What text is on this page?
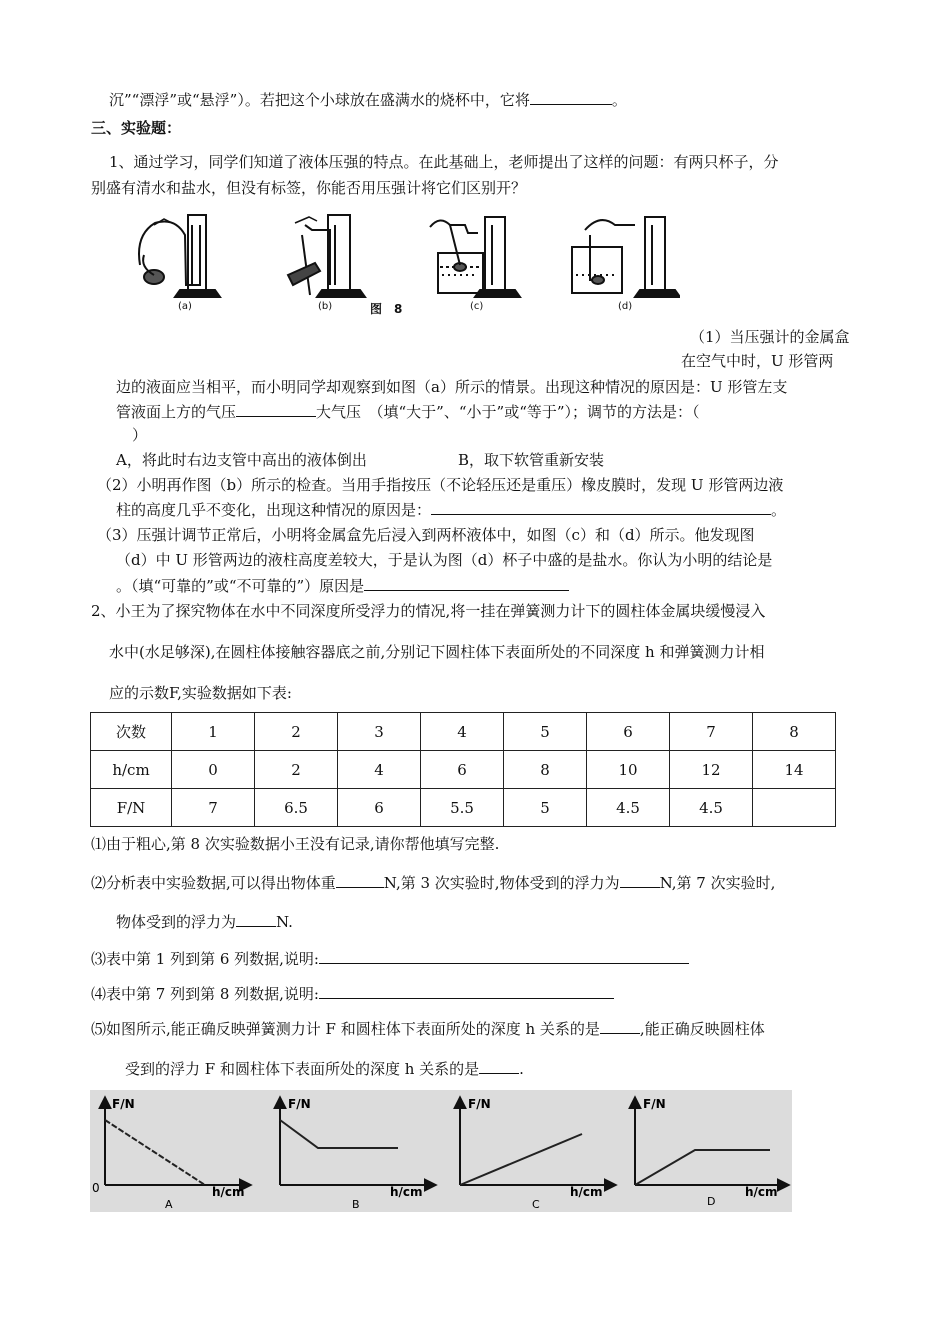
沉”“漂浮”或“悬浮”）。若把这个小球放在盛满水的烧杯中，它将	。
三、实验题：
1、通过学习，同学们知道了液体压强的特点。在此基础上，老师提出了这样的问题：有两只杯子，分
别盛有清水和盐水，但没有标签，你能否用压强计将它们区别开？
(a)	(b)	(c)	(d)
图　8
（1）当压强计的金属盒
在空气中时，U 形管两
边的液面应当相平，而小明同学却观察到如图（a）所示的情景。出现这种情况的原因是：U 形管左支
管液面上方的气压	大气压　（填“大于”、“小于”或“等于”）；调节的方法是：（
）
A，将此时右边支管中高出的液体倒出	B，取下软管重新安装
（2）小明再作图（b）所示的检查。当用手指按压（不论轻压还是重压）橡皮膜时，发现 U 形管两边液
柱的高度几乎不变化，出现这种情况的原因是：	。
（3）压强计调节正常后，小明将金属盒先后浸入到两杯液体中，如图（c）和（d）所示。他发现图
（d）中 U 形管两边的液柱高度差较大，于是认为图（d）杯子中盛的是盐水。你认为小明的结论是
。（填“可靠的”或“不可靠的”）原因是
2、小王为了探究物体在水中不同深度所受浮力的情况,将一挂在弹簧测力计下的圆柱体金属块缓慢浸入
水中(水足够深),在圆柱体接触容器底之前,分别记下圆柱体下表面所处的不同深度 h 和弹簧测力计相
应的示数F,实验数据如下表:
次数	1	2	3	4	5	6	7	8
h/cm	0	2	4	6	8	10	12	14
F/N	7	6.5	6	5.5	5	4.5	4.5	
⑴由于粗心,第 8 次实验数据小王没有记录,请你帮他填写完整.
⑵分析表中实验数据,可以得出物体重	N,第 3 次实验时,物体受到的浮力为	N,第 7 次实验时,
物体受到的浮力为	N.
⑶表中第 1 列到第 6 列数据,说明:
⑷表中第 7 列到第 8 列数据,说明:
⑸如图所示,能正确反映弹簧测力计 F 和圆柱体下表面所处的深度 h 关系的是	,能正确反映圆柱体
受到的浮力 F 和圆柱体下表面所处的深度 h 关系的是	.
F/N
h/cm
0
A
F/N
h/cm
B
F/N
h/cm
C
F/N
h/cm
D
